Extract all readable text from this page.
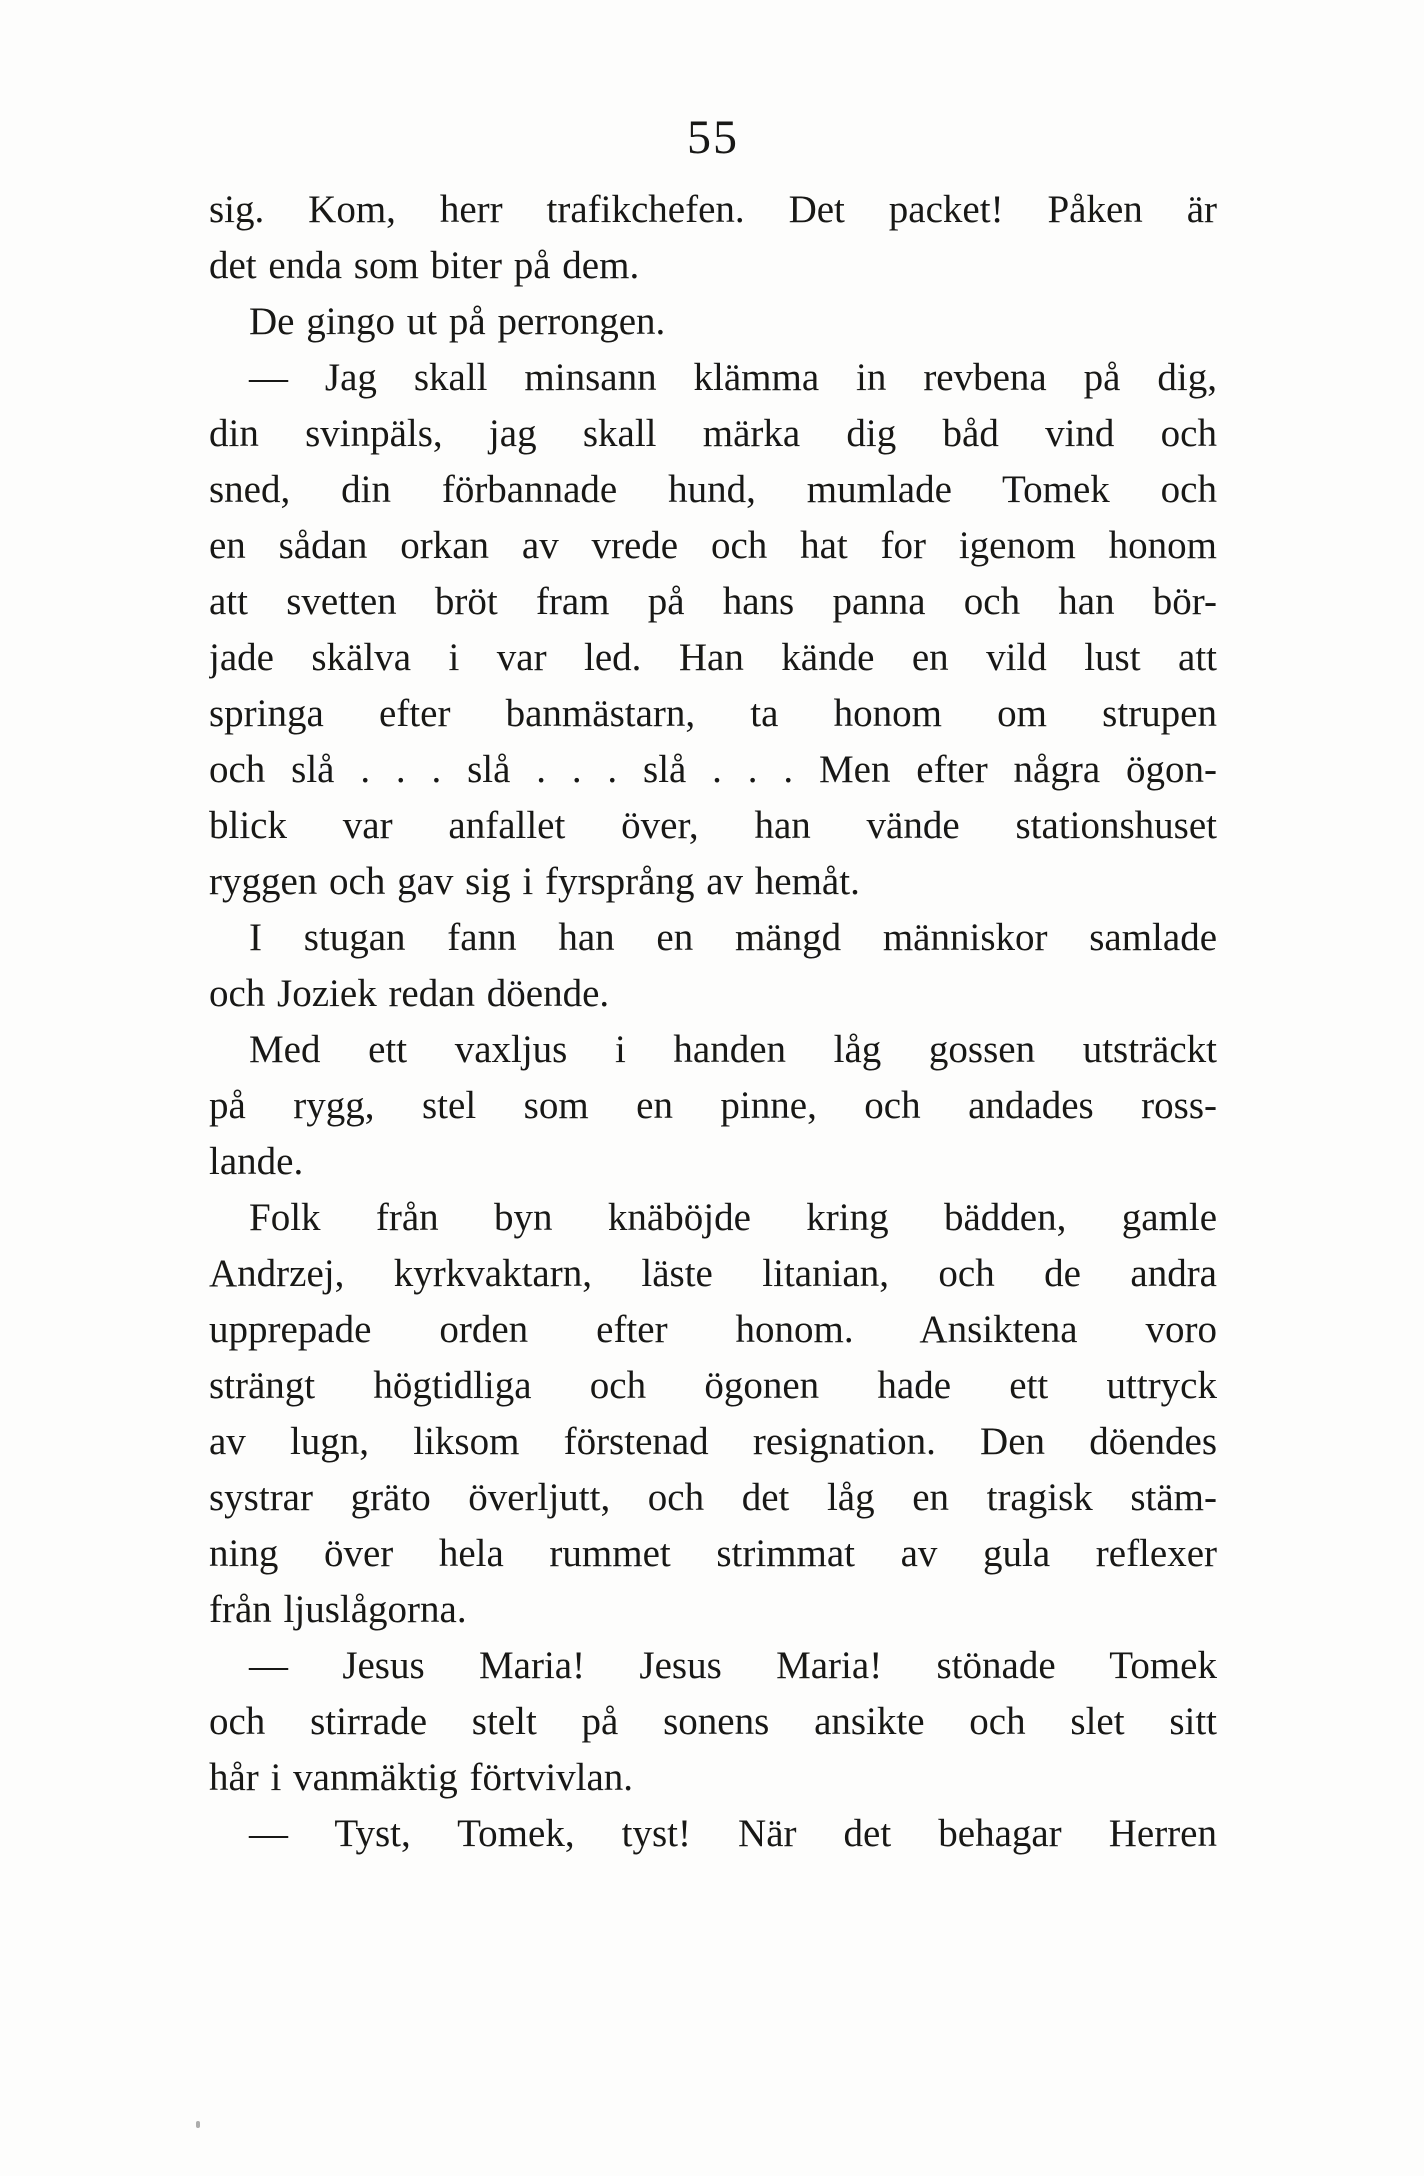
55
sig. Kom, herr trafikchefen. Det packet! Påken är
det enda som biter på dem.
De gingo ut på perrongen.
— Jag skall minsann klämma in revbena på dig,
din svinpäls, jag skall märka dig båd vind och
sned, din förbannade hund, mumlade Tomek och
en sådan orkan av vrede och hat for igenom honom
att svetten bröt fram på hans panna och han bör-
jade skälva i var led. Han kände en vild lust att
springa efter banmästarn, ta honom om strupen
och slå . . . slå . . . slå . . . Men efter några ögon-
blick var anfallet över, han vände stationshuset
ryggen och gav sig i fyrsprång av hemåt.
I stugan fann han en mängd människor samlade
och Joziek redan döende.
Med ett vaxljus i handen låg gossen utsträckt
på rygg, stel som en pinne, och andades ross-
lande.
Folk från byn knäböjde kring bädden, gamle
Andrzej, kyrkvaktarn, läste litanian, och de andra
upprepade orden efter honom. Ansiktena voro
strängt högtidliga och ögonen hade ett uttryck
av lugn, liksom förstenad resignation. Den döendes
systrar gräto överljutt, och det låg en tragisk stäm-
ning över hela rummet strimmat av gula reflexer
från ljuslågorna.
— Jesus Maria! Jesus Maria! stönade Tomek
och stirrade stelt på sonens ansikte och slet sitt
hår i vanmäktig förtvivlan.
— Tyst, Tomek, tyst! När det behagar Herren
